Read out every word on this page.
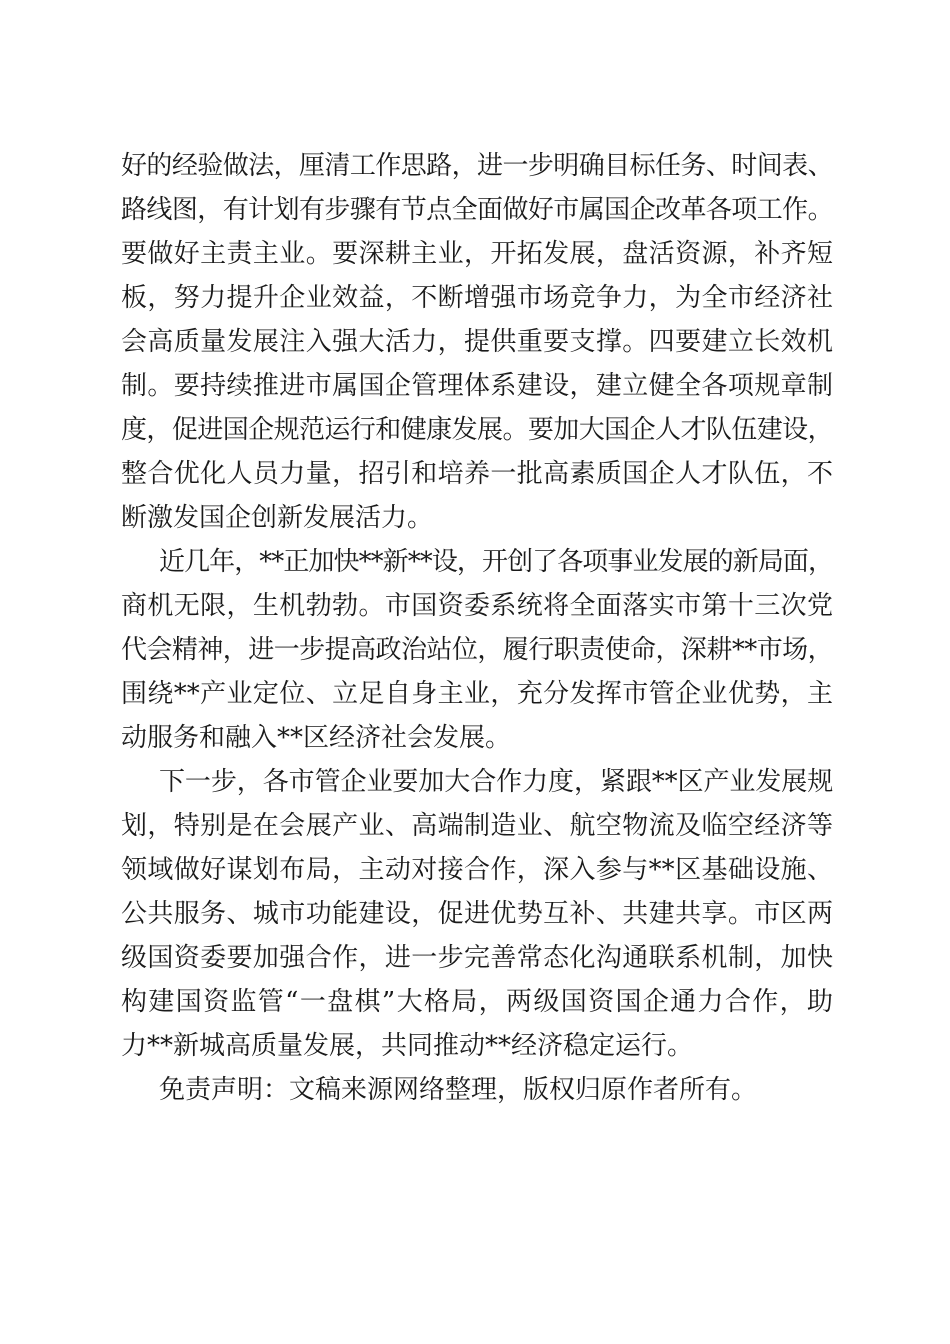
好的经验做法，厘清工作思路，进一步明确目标任务、时间表、
路线图，有计划有步骤有节点全面做好市属国企改革各项工作。
要做好主责主业。要深耕主业，开拓发展，盘活资源，补齐短
板，努力提升企业效益，不断增强市场竞争力，为全市经济社
会高质量发展注入强大活力，提供重要支撑。四要建立长效机
制。要持续推进市属国企管理体系建设，建立健全各项规章制
度，促进国企规范运行和健康发展。要加大国企人才队伍建设，
整合优化人员力量，招引和培养一批高素质国企人才队伍，不
断激发国企创新发展活力。
近几年，**正加快**新**设，开创了各项事业发展的新局面，
商机无限，生机勃勃。市国资委系统将全面落实市第十三次党
代会精神，进一步提高政治站位，履行职责使命，深耕**市场，
围绕**产业定位、立足自身主业，充分发挥市管企业优势，主
动服务和融入**区经济社会发展。
下一步，各市管企业要加大合作力度，紧跟**区产业发展规
划，特别是在会展产业、高端制造业、航空物流及临空经济等
领域做好谋划布局，主动对接合作，深入参与**区基础设施、
公共服务、城市功能建设，促进优势互补、共建共享。市区两
级国资委要加强合作，进一步完善常态化沟通联系机制，加快
构建国资监管“一盘棋”大格局，两级国资国企通力合作，助
力**新城高质量发展，共同推动**经济稳定运行。
免责声明：文稿来源网络整理，版权归原作者所有。
